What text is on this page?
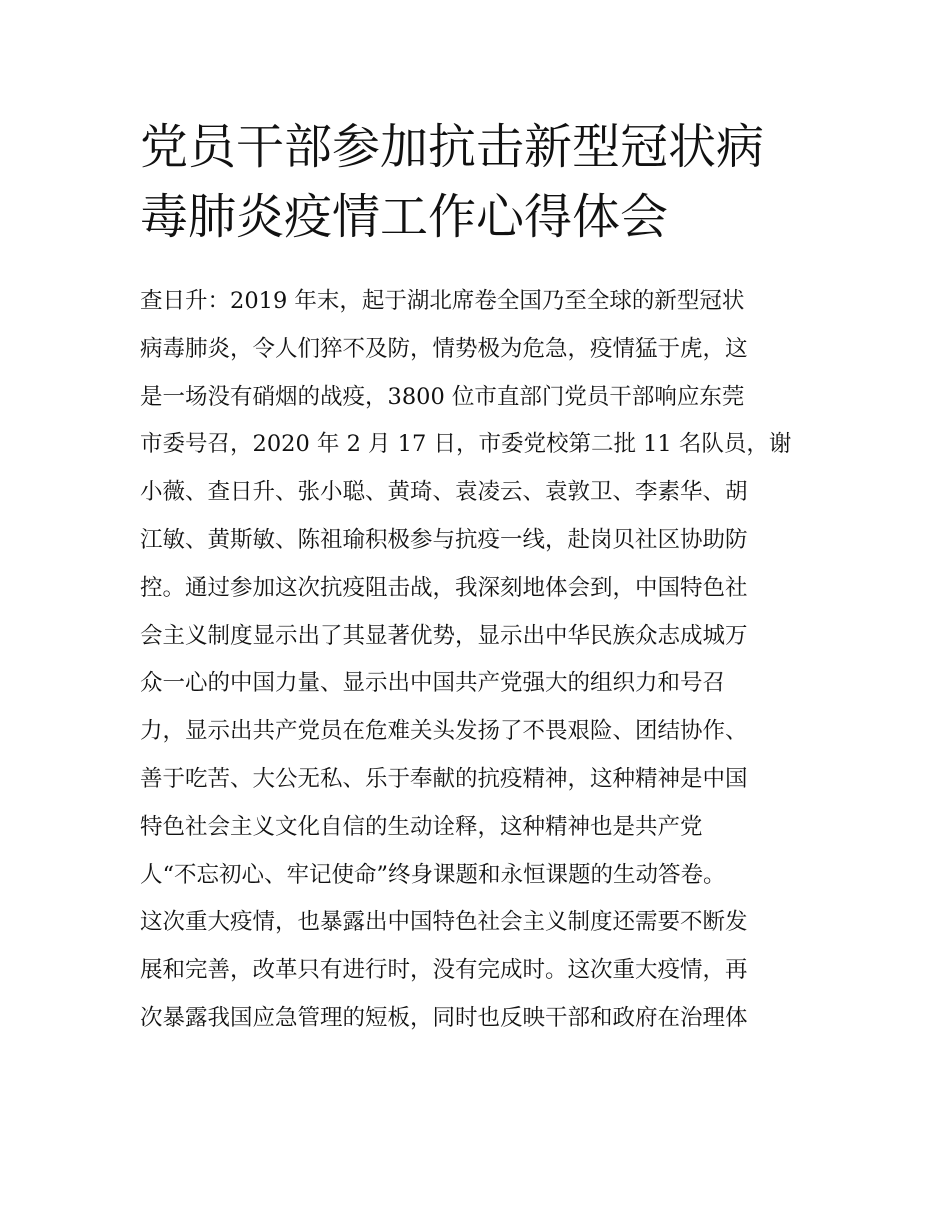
党员干部参加抗击新型冠状病
毒肺炎疫情工作心得体会
查日升：2019 年末，起于湖北席卷全国乃至全球的新型冠状
病毒肺炎，令人们猝不及防，情势极为危急，疫情猛于虎，这
是一场没有硝烟的战疫，3800 位市直部门党员干部响应东莞
市委号召，2020 年 2 月 17 日，市委党校第二批 11 名队员，谢
小薇、查日升、张小聪、黄琦、袁凌云、袁敦卫、李素华、胡
江敏、黄斯敏、陈祖瑜积极参与抗疫一线，赴岗贝社区协助防
控。通过参加这次抗疫阻击战，我深刻地体会到，中国特色社
会主义制度显示出了其显著优势，显示出中华民族众志成城万
众一心的中国力量、显示出中国共产党强大的组织力和号召
力，显示出共产党员在危难关头发扬了不畏艰险、团结协作、
善于吃苦、大公无私、乐于奉献的抗疫精神，这种精神是中国
特色社会主义文化自信的生动诠释，这种精神也是共产党
人“不忘初心、牢记使命”终身课题和永恒课题的生动答卷。
这次重大疫情，也暴露出中国特色社会主义制度还需要不断发
展和完善，改革只有进行时，没有完成时。这次重大疫情，再
次暴露我国应急管理的短板，同时也反映干部和政府在治理体
